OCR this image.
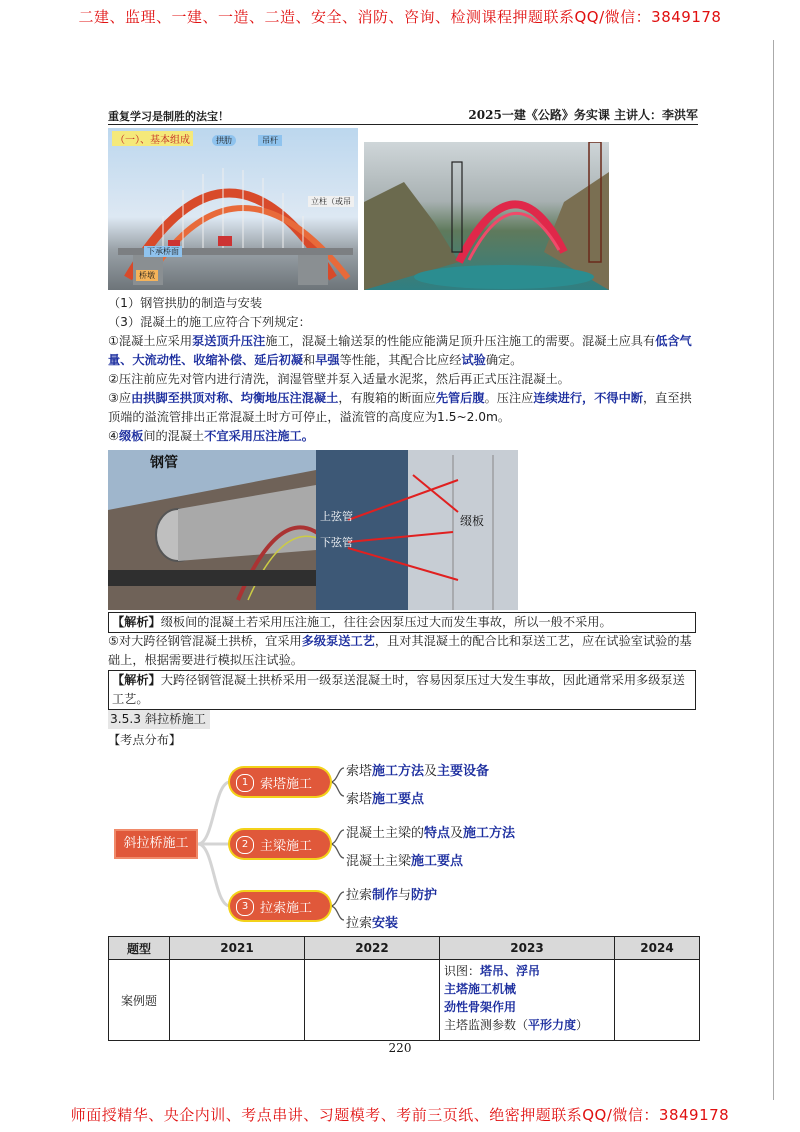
二建、监理、一建、一造、二造、安全、消防、咨询、检测课程押题联系QQ/微信：3849178
师面授精华、央企内训、考点串讲、习题模考、考前三页纸、绝密押题联系QQ/微信：3849178
重复学习是制胜的法宝！	2025一建《公路》务实课 主讲人：李洪军
（一）、基本组成	拱肋	吊杆
立柱（或吊
下承桥面
桥墩
（1）钢管拱肋的制造与安装
（3）混凝土的施工应符合下列规定：
①混凝土应采用泵送顶升压注施工，混凝土输送泵的性能应能满足顶升压注施工的需要。混凝土应具有低含气量、大流动性、收缩补偿、延后初凝和早强等性能，其配合比应经试验确定。
②压注前应先对管内进行清洗，润湿管壁并泵入适量水泥浆，然后再正式压注混凝土。
③应由拱脚至拱顶对称、均衡地压注混凝土，有腹箱的断面应先管后腹。压注应连续进行，不得中断，直至拱顶端的溢流管排出正常混凝土时方可停止，溢流管的高度应为1.5~2.0m。
④缀板间的混凝土不宜采用压注施工。
钢管
上弦管
下弦管
缀板
【解析】缀板间的混凝土若采用压注施工，往往会因泵压过大而发生事故，所以一般不采用。
⑤对大跨径钢管混凝土拱桥，宜采用多级泵送工艺，且对其混凝土的配合比和泵送工艺，应在试验室试验的基础上，根据需要进行模拟压注试验。
【解析】大跨径钢管混凝土拱桥采用一级泵送混凝土时，容易因泵压过大发生事故，因此通常采用多级泵送工艺。
3.5.3 斜拉桥施工
【考点分布】
斜拉桥施工
1 索塔施工
2 主梁施工
3 拉索施工
索塔施工方法及主要设备
索塔施工要点
混凝土主梁的特点及施工方法
混凝土主梁施工要点
拉索制作与防护
拉索安装
题型	2021	2022	2023	2024
案例题			识图：塔吊、浮吊
主塔施工机械
劲性骨架作用
主塔监测参数（平形力度）	

220
